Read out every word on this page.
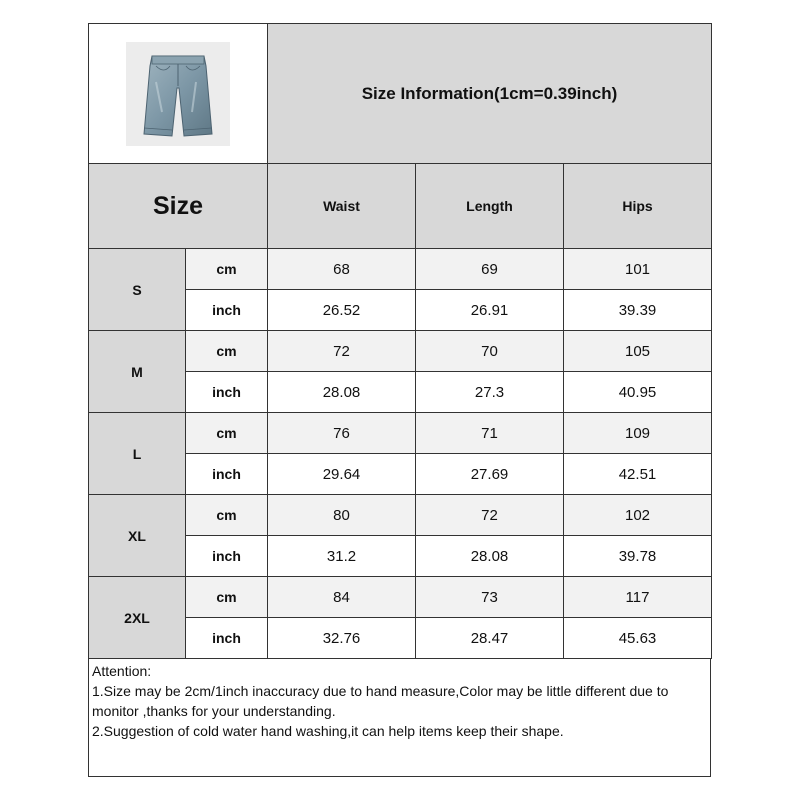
	Size Information(1cm=0.39inch)		
Size		Waist	Length	Hips
S	cm	68	69	101
	inch	26.52	26.91	39.39
M	cm	72	70	105
	inch	28.08	27.3	40.95
L	cm	76	71	109
	inch	29.64	27.69	42.51
XL	cm	80	72	102
	inch	31.2	28.08	39.78
2XL	cm	84	73	117
	inch	32.76	28.47	45.63
Attention:
1.Size may be 2cm/1inch inaccuracy due to hand measure,Color may be little different due to monitor ,thanks for your understanding.
2.Suggestion of cold water hand washing,it can help items keep their shape.
